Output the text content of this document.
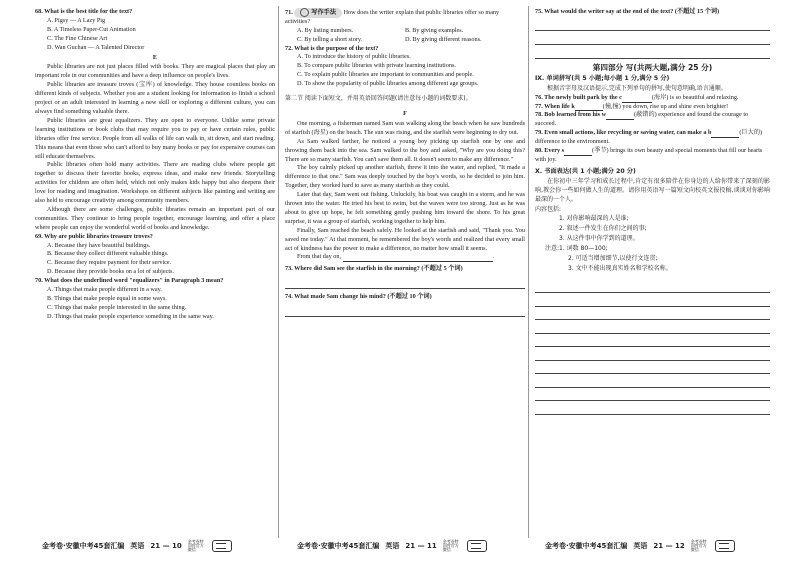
68. What is the best title for the text?

A. Pigsy — A Lazy Pig

B. A Timeless Paper-Cut Animation

C. The Fine Chinese Art

D. Wan Guchan — A Talented Director

E

Public libraries are not just places filled with books. They are magical places that play an important role in our communities and have a deep influence on people's lives.

Public libraries are treasure troves (宝库) of knowledge. They house countless books on different kinds of subjects. Whether you are a student looking for information to finish a school project or an adult interested in learning a new skill or exploring a different culture, you can always find something valuable there.

Public libraries are great equalizers. They are open to everyone. Unlike some private learning institutions or book clubs that may require you to pay or have certain rules, public libraries offer free service. People from all walks of life can walk in, sit down, and start reading. This means that even those who can't afford to buy many books or pay for expensive courses can still educate themselves.

Public libraries often hold many activities. There are reading clubs where people get together to discuss their favorite books, express ideas, and make new friends. Storytelling activities for children are often held, which not only makes kids happy but also deepens their love for reading and imagination. Workshops on different subjects like painting and writing are also held to encourage creativity among community members.

Although there are some challenges, public libraries remain an important part of our communities. They continue to bring people together, encourage learning, and offer a place where people can enjoy the wonderful world of books and knowledge.

69. Why are public libraries treasure troves?

A. Because they have beautiful buildings.

B. Because they collect different valuable things.

C. Because they require payment for their service.

D. Because they provide books on a lot of subjects.

70. What does the underlined word "equalizers" in Paragraph 3 mean?

A. Things that make people different in a way.

B. Things that make people equal in some ways.

C. Things that make people interested in the same thing.

D. Things that make people experience something in the same way.

71.	写作手法 How does the writer explain that public libraries offer so many activities?

A. By listing numbers.	B. By giving examples.
C. By telling a short story.	D. By giving different reasons.

72. What is the purpose of the text?

A. To introduce the history of public libraries.

B. To compare public libraries with private learning institutions.

C. To explain public libraries are important to communities and people.

D. To show the popularity of public libraries among different age groups.

第二节 阅读下面短文，并用英语回答问题(请注意每小题的词数要求)。

F

One morning, a fisherman named Sam was walking along the beach when he saw hundreds of starfish (海星) on the beach. The sun was rising, and the starfish were beginning to dry out.

As Sam walked farther, he noticed a young boy picking up starfish one by one and throwing them back into the sea. Sam walked to the boy and asked, "Why are you doing this? There are so many starfish. You can't save them all. It doesn't seem to make any difference."

The boy calmly picked up another starfish, threw it into the water, and replied, "It made a difference to that one." Sam was deeply touched by the boy's words, so he decided to join him. Together, they worked hard to save as many starfish as they could.

Later that day, Sam went out fishing. Unluckily, his boat was caught in a storm, and he was thrown into the water. He tried his best to swim, but the waves were too strong. Just as he was about to give up hope, he felt something gently pushing him toward the shore. To his great surprise, it was a group of starfish, working together to help him.

Finally, Sam reached the beach safely. He looked at the starfish and said, "Thank you. You saved me today." At that moment, he remembered the boy's words and realized that every small act of kindness has the power to make a difference, no matter how small it seems.

From that day on,	.

73. Where did Sam see the starfish in the morning? (不超过 5 个词)

74. What made Sam change his mind? (不超过 10 个词)

75. What would the writer say at the end of the text? (不超过 15 个词)

第四部分 写(共两大题,满分 25 分)

Ⅸ. 单词拼写(共 5 小题;每小题 1 分,满分 5 分)

根据音字母及汉语提示,完成下列单句的拼写,使句意明确,语言通顺。

76. The newly built park by the c	(海岸) is so beautiful and relaxing.

77. When life k	(撞,撞) you down, rise up and shine even brighter!

78. Bob learned from his w	(蔽错的) experience and found the courage to succeed.

79. Even small actions, like recycling or saving water, can make a b	(巨大的) difference to the environment.

80. Every s	(季节) brings its own beauty and special moments that fill our hearts with joy.

Ⅹ. 书面表达(共 1 小题;满分 20 分)

在你初中三年学习和成长过程中,肯定有很多陪伴在你身边的人给你带来了深刻的影响,教会你一些如何做人生的道理。请你用英语写一篇短文向校英文报投稿,谈谈对你影响最深的一个人。

内容包括:

1. 对你影响最深的人是谁;

2. 叙述一件发生在你们之间的事;

3. 从这件事中你学到的道理。

注意:1. 词数 80—100;

2. 可适当增加细节,以使行文连贯;

3. 文中不能出现真实姓名和学校名称。

金考卷·安徽中考45套汇编 英语 21 — 10
金考卷特训营官方微信	金考卷·安徽中考45套汇编 英语 21 — 11
金考卷特训营官方微信	金考卷·安徽中考45套汇编 英语 21 — 12
金考卷特训营官方微信
